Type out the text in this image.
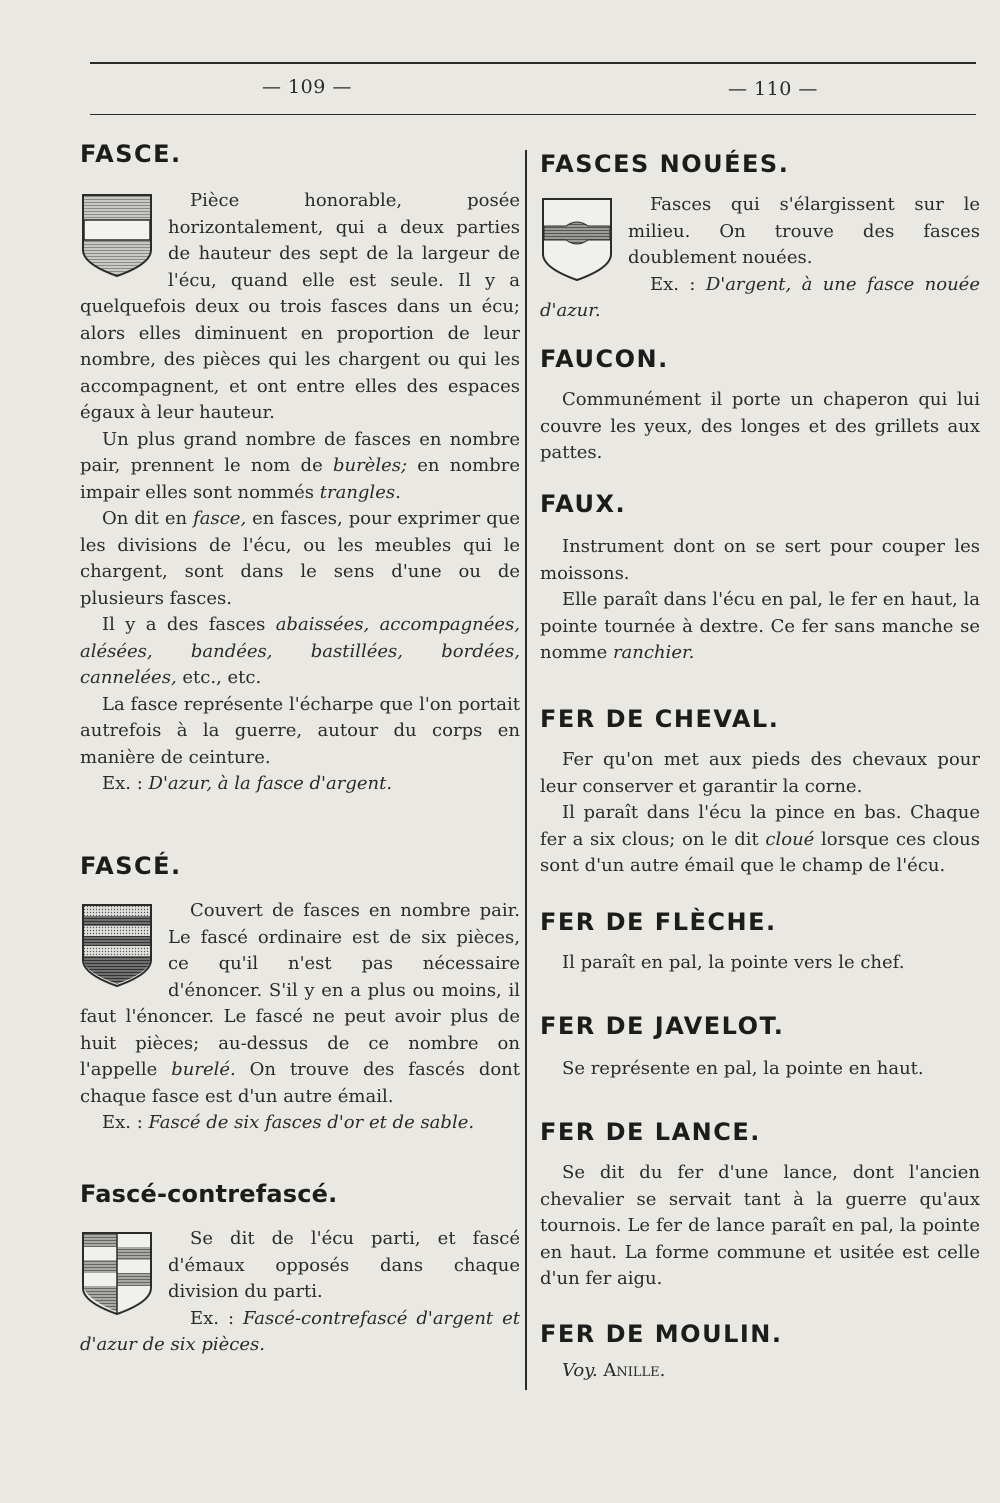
— 109 —	— 110 —
FASCE.

Pièce honorable, posée horizontalement, qui a deux parties de hauteur des sept de la largeur de l'écu, quand elle est seule. Il y a quelquefois deux ou trois fasces dans un écu; alors elles diminuent en proportion de leur nombre, des pièces qui les chargent ou qui les accompagnent, et ont entre elles des espaces égaux à leur hauteur.

Un plus grand nombre de fasces en nombre pair, prennent le nom de burèles; en nombre impair elles sont nommés trangles.

On dit en fasce, en fasces, pour exprimer que les divisions de l'écu, ou les meubles qui le chargent, sont dans le sens d'une ou de plusieurs fasces.

Il y a des fasces abaissées, accompagnées, alésées, bandées, bastillées, bordées, cannelées, etc., etc.

La fasce représente l'écharpe que l'on portait autrefois à la guerre, autour du corps en manière de ceinture.

Ex. : D'azur, à la fasce d'argent.

FASCÉ.

Couvert de fasces en nombre pair. Le fascé ordinaire est de six pièces, ce qu'il n'est pas nécessaire d'énoncer. S'il y en a plus ou moins, il faut l'énoncer. Le fascé ne peut avoir plus de huit pièces; au-dessus de ce nombre on l'appelle burelé. On trouve des fascés dont chaque fasce est d'un autre émail.

Ex. : Fascé de six fasces d'or et de sable.

Fascé-contrefascé.

Se dit de l'écu parti, et fascé d'émaux opposés dans chaque division du parti.

Ex. : Fascé-contrefascé d'argent et d'azur de six pièces.

FASCES NOUÉES.

Fasces qui s'élargissent sur le milieu. On trouve des fasces doublement nouées.

Ex. : D'argent, à une fasce nouée d'azur.

FAUCON.

Communément il porte un chaperon qui lui couvre les yeux, des longes et des grillets aux pattes.

FAUX.

Instrument dont on se sert pour couper les moissons.

Elle paraît dans l'écu en pal, le fer en haut, la pointe tournée à dextre. Ce fer sans manche se nomme ranchier.

FER DE CHEVAL.

Fer qu'on met aux pieds des chevaux pour leur conserver et garantir la corne.

Il paraît dans l'écu la pince en bas. Chaque fer a six clous; on le dit cloué lorsque ces clous sont d'un autre émail que le champ de l'écu.

FER DE FLÈCHE.

Il paraît en pal, la pointe vers le chef.

FER DE JAVELOT.

Se représente en pal, la pointe en haut.

FER DE LANCE.

Se dit du fer d'une lance, dont l'ancien chevalier se servait tant à la guerre qu'aux tournois. Le fer de lance paraît en pal, la pointe en haut. La forme commune et usitée est celle d'un fer aigu.

FER DE MOULIN.

Voy. Anille.
